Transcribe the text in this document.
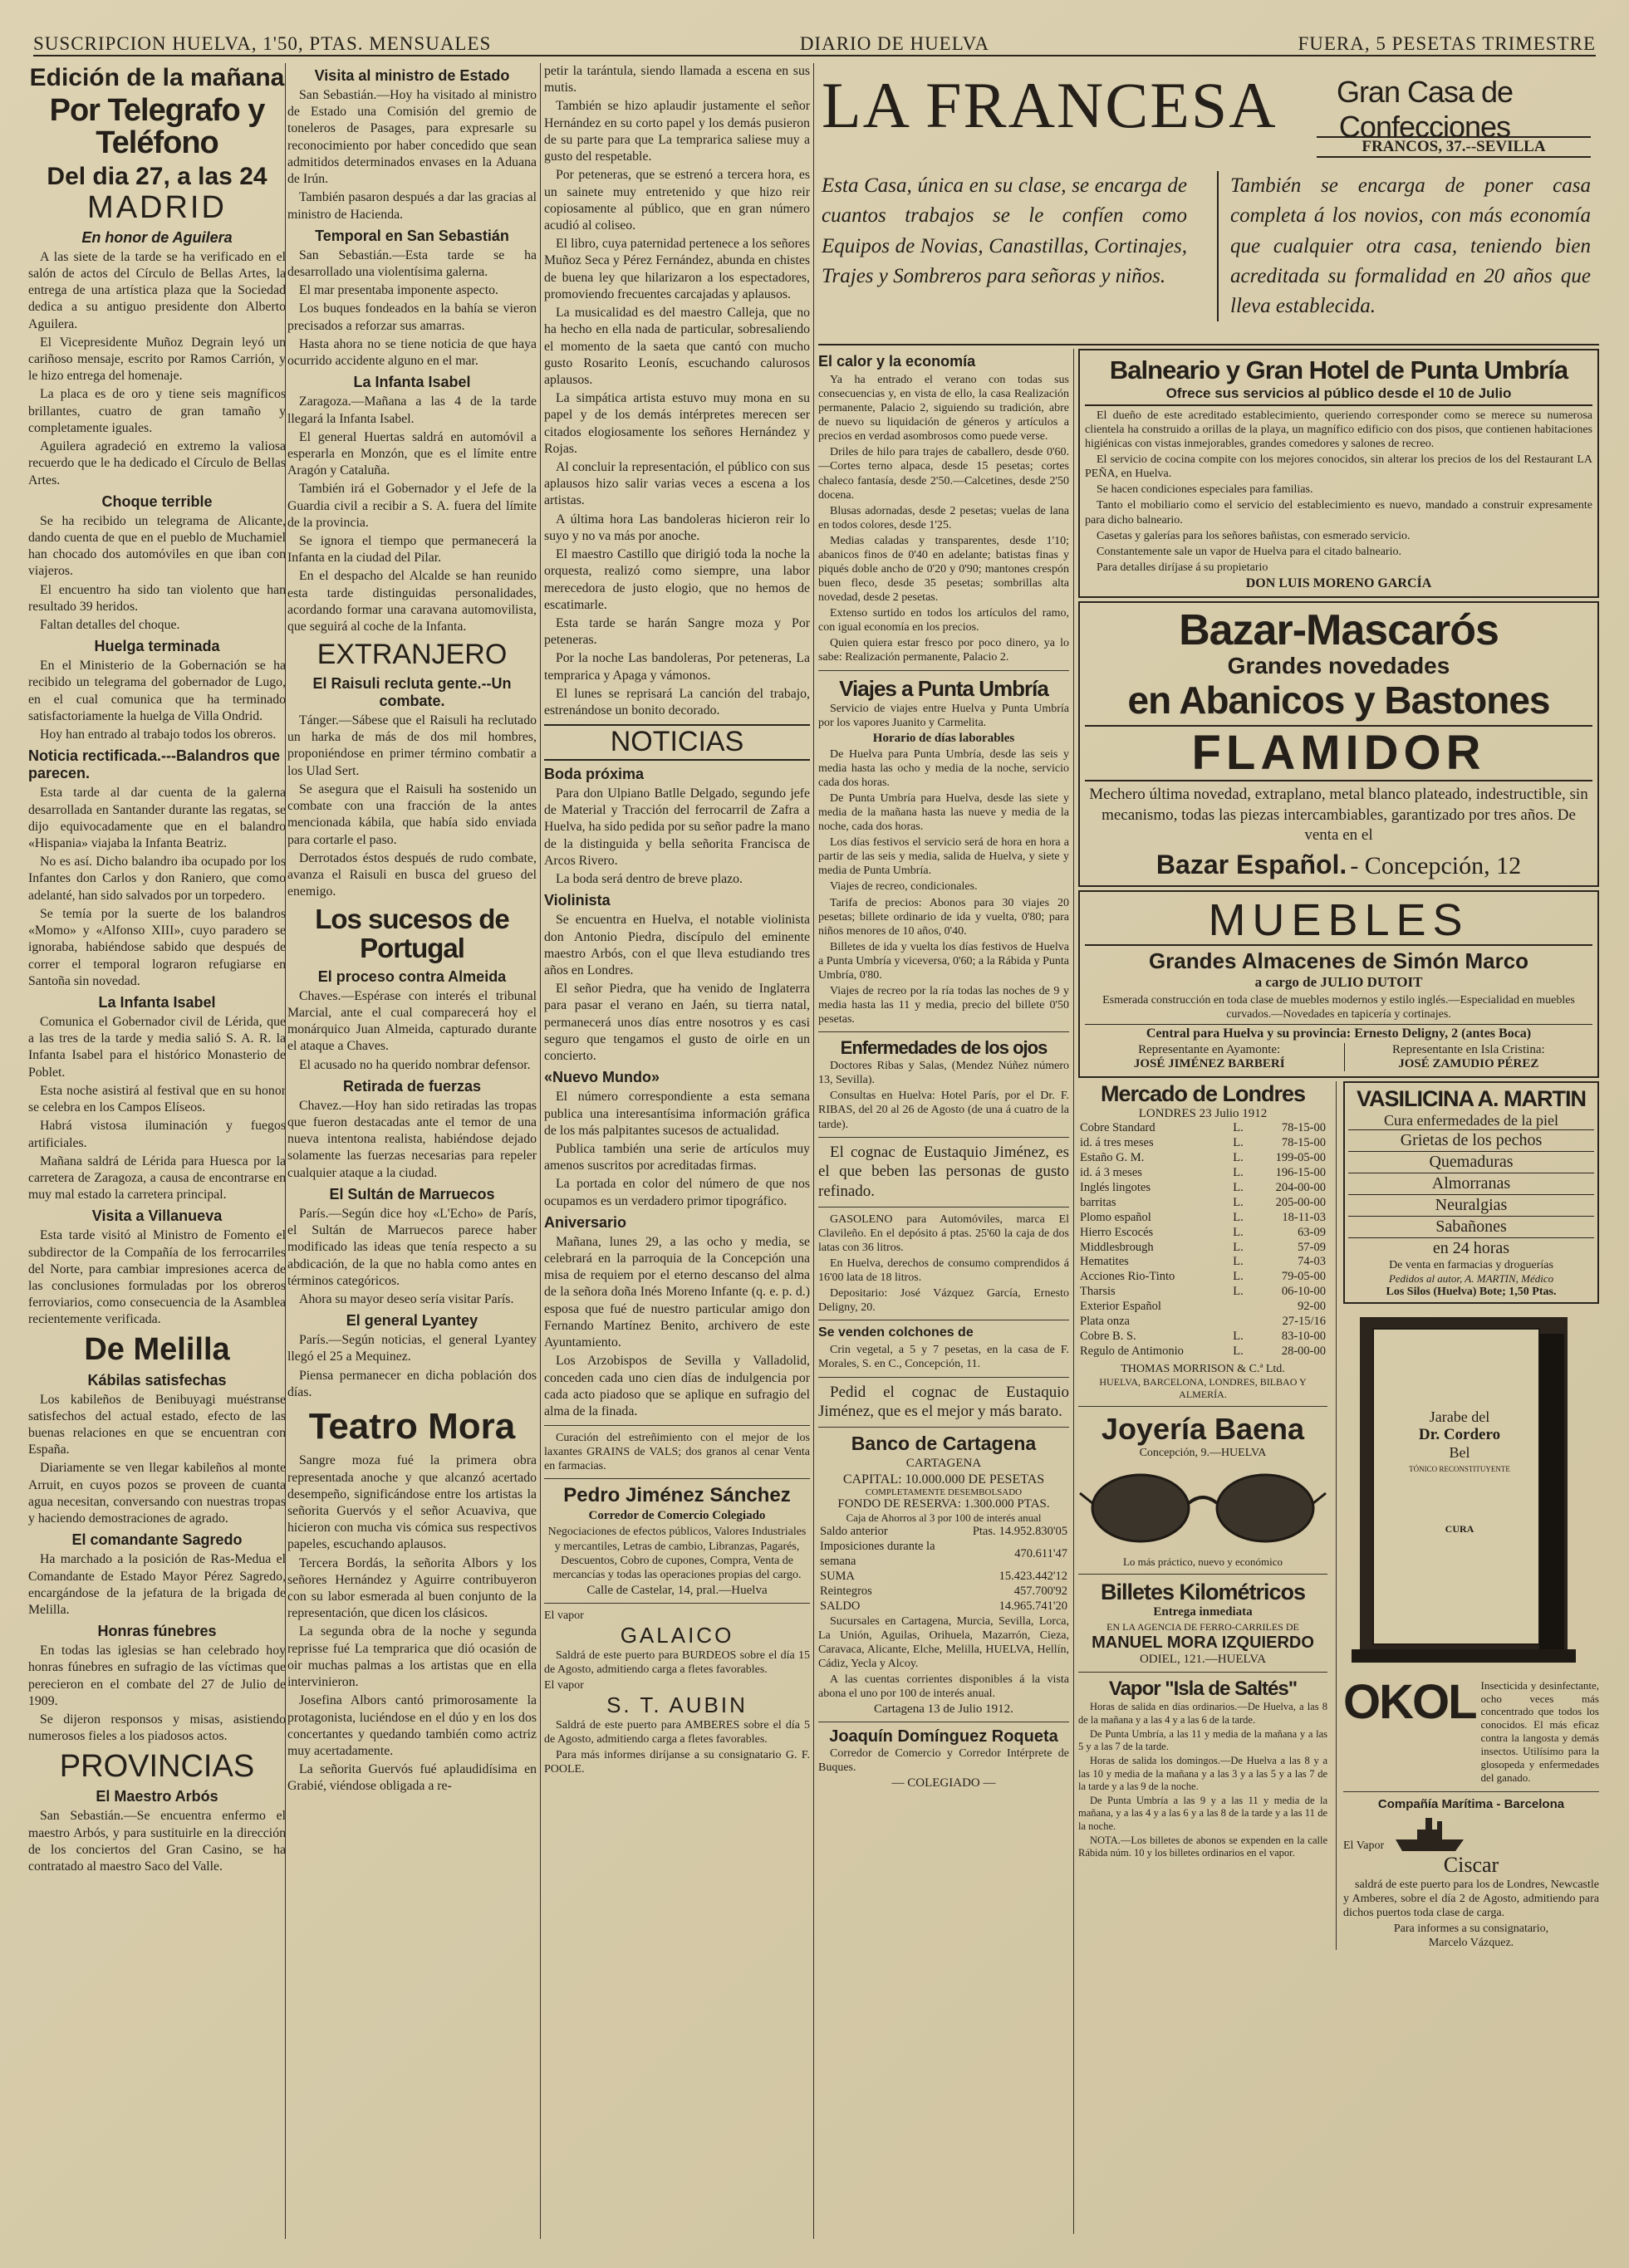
SUSCRIPCION HUELVA, 1'50, PTAS. MENSUALES	DIARIO DE HUELVA	FUERA, 5 PESETAS TRIMESTRE
Edición de la mañana
Por Telegrafo y Teléfono
Del dia 27, a las 24
MADRID
En honor de Aguilera

A las siete de la tarde se ha verificado en el salón de actos del Círculo de Bellas Artes, la entrega de una artística plaza que la Sociedad dedica a su antiguo presidente don Alberto Aguilera.

El Vicepresidente Muñoz Degrain leyó un cariñoso mensaje, escrito por Ramos Carrión, y le hizo entrega del homenaje.

La placa es de oro y tiene seis magníficos brillantes, cuatro de gran tamaño y completamente iguales.

Aguilera agradeció en extremo la valiosa recuerdo que le ha dedicado el Círculo de Bellas Artes.

Choque terrible

Se ha recibido un telegrama de Alicante, dando cuenta de que en el pueblo de Muchamiel han chocado dos automóviles en que iban con viajeros.

El encuentro ha sido tan violento que han resultado 39 heridos.

Faltan detalles del choque.

Huelga terminada

En el Ministerio de la Gobernación se ha recibido un telegrama del gobernador de Lugo, en el cual comunica que ha terminado satisfactoriamente la huelga de Villa Ondrid.

Hoy han entrado al trabajo todos los obreros.

Noticia rectificada.---Balandros que parecen.

Esta tarde al dar cuenta de la galerna desarrollada en Santander durante las regatas, se dijo equivocadamente que en el balandro «Hispania» viajaba la Infanta Beatriz.

No es así. Dicho balandro iba ocupado por los Infantes don Carlos y don Raniero, que como adelanté, han sido salvados por un torpedero.

Se temía por la suerte de los balandros «Momo» y «Alfonso XIII», cuyo paradero se ignoraba, habiéndose sabido que después de correr el temporal lograron refugiarse en Santoña sin novedad.

La Infanta Isabel

Comunica el Gobernador civil de Lérida, que a las tres de la tarde y media salió S. A. R. la Infanta Isabel para el histórico Monasterio de Poblet.

Esta noche asistirá al festival que en su honor se celebra en los Campos Elíseos.

Habrá vistosa iluminación y fuegos artificiales.

Mañana saldrá de Lérida para Huesca por la carretera de Zaragoza, a causa de encontrarse en muy mal estado la carretera principal.

Visita a Villanueva

Esta tarde visitó al Ministro de Fomento el subdirector de la Compañía de los ferrocarriles del Norte, para cambiar impresiones acerca de las conclusiones formuladas por los obreros ferroviarios, como consecuencia de la Asamblea recientemente verificada.

De Melilla
Kábilas satisfechas

Los kabileños de Benibuyagi muéstranse satisfechos del actual estado, efecto de las buenas relaciones en que se encuentran con España.

Diariamente se ven llegar kabileños al monte Arruit, en cuyos pozos se proveen de cuanta agua necesitan, conversando con nuestras tropas y haciendo demostraciones de agrado.

El comandante Sagredo

Ha marchado a la posición de Ras-Medua el Comandante de Estado Mayor Pérez Sagredo, encargándose de la jefatura de la brigada de Melilla.

Honras fúnebres

En todas las iglesias se han celebrado hoy honras fúnebres en sufragio de las víctimas que perecieron en el combate del 27 de Julio de 1909.

Se dijeron responsos y misas, asistiendo numerosos fieles a los piadosos actos.

PROVINCIAS
El Maestro Arbós

San Sebastián.—Se encuentra enfermo el maestro Arbós, y para sustituirle en la dirección de los conciertos del Gran Casino, se ha contratado al maestro Saco del Valle.

Visita al ministro de Estado

San Sebastián.—Hoy ha visitado al ministro de Estado una Comisión del gremio de toneleros de Pasages, para expresarle su reconocimiento por haber concedido que sean admitidos determinados envases en la Aduana de Irún.

También pasaron después a dar las gracias al ministro de Hacienda.

Temporal en San Sebastián

San Sebastián.—Esta tarde se ha desarrollado una violentísima galerna.

El mar presentaba imponente aspecto.

Los buques fondeados en la bahía se vieron precisados a reforzar sus amarras.

Hasta ahora no se tiene noticia de que haya ocurrido accidente alguno en el mar.

La Infanta Isabel

Zaragoza.—Mañana a las 4 de la tarde llegará la Infanta Isabel.

El general Huertas saldrá en automóvil a esperarla en Monzón, que es el límite entre Aragón y Cataluña.

También irá el Gobernador y el Jefe de la Guardia civil a recibir a S. A. fuera del límite de la provincia.

Se ignora el tiempo que permanecerá la Infanta en la ciudad del Pilar.

En el despacho del Alcalde se han reunido esta tarde distinguidas personalidades, acordando formar una caravana automovilista, que seguirá al coche de la Infanta.

EXTRANJERO
El Raisuli recluta gente.--Un combate.

Tánger.—Sábese que el Raisuli ha reclutado un harka de más de dos mil hombres, proponiéndose en primer término combatir a los Ulad Sert.

Se asegura que el Raisuli ha sostenido un combate con una fracción de la antes mencionada kábila, que había sido enviada para cortarle el paso.

Derrotados éstos después de rudo combate, avanza el Raisuli en busca del grueso del enemigo.

Los sucesos de Portugal
El proceso contra Almeida

Chaves.—Espérase con interés el tribunal Marcial, ante el cual comparecerá hoy el monárquico Juan Almeida, capturado durante el ataque a Chaves.

El acusado no ha querido nombrar defensor.

Retirada de fuerzas

Chavez.—Hoy han sido retiradas las tropas que fueron destacadas ante el temor de una nueva intentona realista, habiéndose dejado solamente las fuerzas necesarias para repeler cualquier ataque a la ciudad.

El Sultán de Marruecos

París.—Según dice hoy «L'Echo» de París, el Sultán de Marruecos parece haber modificado las ideas que tenía respecto a su abdicación, de la que no habla como antes en términos categóricos.

Ahora su mayor deseo sería visitar París.

El general Lyantey

París.—Según noticias, el general Lyantey llegó el 25 a Mequinez.

Piensa permanecer en dicha población dos días.

Teatro Mora

Sangre moza fué la primera obra representada anoche y que alcanzó acertado desempeño, significándose entre los artistas la señorita Guervós y el señor Acuaviva, que hicieron con mucha vis cómica sus respectivos papeles, escuchando aplausos.

Tercera Bordás, la señorita Albors y los señores Hernández y Aguirre contribuyeron con su labor esmerada al buen conjunto de la representación, que dicen los clásicos.

La segunda obra de la noche y segunda reprisse fué La temprarica que dió ocasión de oir muchas palmas a los artistas que en ella intervinieron.

Josefina Albors cantó primorosamente la protagonista, luciéndose en el dúo y en los dos concertantes y quedando también como actriz muy acertadamente.

La señorita Guervós fué aplaudidísima en Grabié, viéndose obligada a re-

petir la tarántula, siendo llamada a escena en sus mutis.

También se hizo aplaudir justamente el señor Hernández en su corto papel y los demás pusieron de su parte para que La temprarica saliese muy a gusto del respetable.

Por peteneras, que se estrenó a tercera hora, es un sainete muy entretenido y que hizo reir copiosamente al público, que en gran número acudió al coliseo.

El libro, cuya paternidad pertenece a los señores Muñoz Seca y Pérez Fernández, abunda en chistes de buena ley que hilarizaron a los espectadores, promoviendo frecuentes carcajadas y aplausos.

La musicalidad es del maestro Calleja, que no ha hecho en ella nada de particular, sobresaliendo el momento de la saeta que cantó con mucho gusto Rosarito Leonís, escuchando calurosos aplausos.

La simpática artista estuvo muy mona en su papel y de los demás intérpretes merecen ser citados elogiosamente los señores Hernández y Rojas.

Al concluir la representación, el público con sus aplausos hizo salir varias veces a escena a los artistas.

A última hora Las bandoleras hicieron reir lo suyo y no va más por anoche.

El maestro Castillo que dirigió toda la noche la orquesta, realizó como siempre, una labor merecedora de justo elogio, que no hemos de escatimarle.

Esta tarde se harán Sangre moza y Por peteneras.

Por la noche Las bandoleras, Por peteneras, La temprarica y Apaga y vámonos.

El lunes se reprisará La canción del trabajo, estrenándose un bonito decorado.

NOTICIAS
Boda próxima

Para don Ulpiano Batlle Delgado, segundo jefe de Material y Tracción del ferrocarril de Zafra a Huelva, ha sido pedida por su señor padre la mano de la distinguida y bella señorita Francisca de Arcos Rivero.

La boda será dentro de breve plazo.

Violinista

Se encuentra en Huelva, el notable violinista don Antonio Piedra, discípulo del eminente maestro Arbós, con el que lleva estudiando tres años en Londres.

El señor Piedra, que ha venido de Inglaterra para pasar el verano en Jaén, su tierra natal, permanecerá unos días entre nosotros y es casi seguro que tengamos el gusto de oirle en un concierto.

«Nuevo Mundo»

El número correspondiente a esta semana publica una interesantísima información gráfica de los más palpitantes sucesos de actualidad.

Publica también una serie de artículos muy amenos suscritos por acreditadas firmas.

La portada en color del número de que nos ocupamos es un verdadero primor tipográfico.

Aniversario

Mañana, lunes 29, a las ocho y media, se celebrará en la parroquia de la Concepción una misa de requiem por el eterno descanso del alma de la señora doña Inés Moreno Infante (q. e. p. d.) esposa que fué de nuestro particular amigo don Fernando Martínez Benito, archivero de este Ayuntamiento.

Los Arzobispos de Sevilla y Valladolid, conceden cada uno cien días de indulgencia por cada acto piadoso que se aplique en sufragio del alma de la finada.

Curación del estreñimiento con el mejor de los laxantes GRAINS de VALS; dos granos al cenar Venta en farmacias.

Pedro Jiménez Sánchez
Corredor de Comercio Colegiado

Negociaciones de efectos públicos, Valores Industriales y mercantiles, Letras de cambio, Libranzas, Pagarés, Descuentos, Cobro de cupones, Compra, Venta de mercancías y todas las operaciones propias del cargo.

Calle de Castelar, 14, pral.—Huelva
El vapor
GALAICO

Saldrá de este puerto para BURDEOS sobre el día 15 de Agosto, admitiendo carga a fletes favorables.

El vapor
S. T. AUBIN

Saldrá de este puerto para AMBERES sobre el día 5 de Agosto, admitiendo carga a fletes favorables.

Para más informes diríjanse a su consignatario G. F. POOLE.

LA FRANCESA	Gran Casa de Confecciones
FRANCOS, 37.--SEVILLA
Esta Casa, única en su clase, se encarga de cuantos trabajos se le confíen como Equipos de Novias, Canastillas, Cortinajes, Trajes y Sombreros para señoras y niños.
También se encarga de poner casa completa á los novios, con más economía que cualquier otra casa, teniendo bien acreditada su formalidad en 20 años que lleva establecida.
El calor y la economía

Ya ha entrado el verano con todas sus consecuencias y, en vista de ello, la casa Realización permanente, Palacio 2, siguiendo su tradición, abre de nuevo su liquidación de géneros y artículos a precios en verdad asombrosos como puede verse.

Driles de hilo para trajes de caballero, desde 0'60.—Cortes terno alpaca, desde 15 pesetas; cortes chaleco fantasía, desde 2'50.—Calcetines, desde 2'50 docena.

Blusas adornadas, desde 2 pesetas; vuelas de lana en todos colores, desde 1'25.

Medias caladas y transparentes, desde 1'10; abanicos finos de 0'40 en adelante; batistas finas y piqués doble ancho de 0'20 y 0'90; mantones crespón buen fleco, desde 35 pesetas; sombrillas alta novedad, desde 2 pesetas.

Extenso surtido en todos los artículos del ramo, con igual economía en los precios.

Quien quiera estar fresco por poco dinero, ya lo sabe: Realización permanente, Palacio 2.

Viajes a Punta Umbría

Servicio de viajes entre Huelva y Punta Umbría por los vapores Juanito y Carmelita.

Horario de días laborables

De Huelva para Punta Umbría, desde las seis y media hasta las ocho y media de la noche, servicio cada dos horas.

De Punta Umbría para Huelva, desde las siete y media de la mañana hasta las nueve y media de la noche, cada dos horas.

Los días festivos el servicio será de hora en hora a partir de las seis y media, salida de Huelva, y siete y media de Punta Umbría.

Viajes de recreo, condicionales.

Tarifa de precios: Abonos para 30 viajes 20 pesetas; billete ordinario de ida y vuelta, 0'80; para niños menores de 10 años, 0'40.

Billetes de ida y vuelta los días festivos de Huelva a Punta Umbría y viceversa, 0'60; a la Rábida y Punta Umbría, 0'80.

Viajes de recreo por la ría todas las noches de 9 y media hasta las 11 y media, precio del billete 0'50 pesetas.

Enfermedades de los ojos

Doctores Ribas y Salas, (Mendez Núñez número 13, Sevilla).

Consultas en Huelva: Hotel París, por el Dr. F. RIBAS, del 20 al 26 de Agosto (de una á cuatro de la tarde).

El cognac de Eustaquio Jiménez, es el que beben las personas de gusto refinado.

GASOLENO para Automóviles, marca El Clavileño. En el depósito á ptas. 25'60 la caja de dos latas con 36 litros.

En Huelva, derechos de consumo comprendidos á 16'00 lata de 18 litros.

Depositario: José Vázquez García, Ernesto Deligny, 20.

Se venden colchones de

Crin vegetal, a 5 y 7 pesetas, en la casa de F. Morales, S. en C., Concepción, 11.

Pedid el cognac de Eustaquio Jiménez, que es el mejor y más barato.

Banco de Cartagena
CARTAGENA
CAPITAL: 10.000.000 DE PESETAS
COMPLETAMENTE DESEMBOLSADO
FONDO DE RESERVA: 1.300.000 PTAS.
Caja de Ahorros al 3 por 100 de interés anual
Saldo anterior	Ptas.	14.952.830'05
Imposiciones durante la semana		470.611'47
SUMA		15.423.442'12
Reintegros		457.700'92
SALDO		14.965.741'20

Sucursales en Cartagena, Murcia, Sevilla, Lorca, La Unión, Aguilas, Orihuela, Mazarrón, Cieza, Caravaca, Alicante, Elche, Melilla, HUELVA, Hellín, Cádiz, Yecla y Alcoy.

A las cuentas corrientes disponibles á la vista abona el uno por 100 de interés anual.

Cartagena 13 de Julio 1912.
Joaquín Domínguez Roqueta

Corredor de Comercio y Corredor Intérprete de Buques.

— COLEGIADO —
Balneario y Gran Hotel de Punta Umbría
Ofrece sus servicios al público desde el 10 de Julio

El dueño de este acreditado establecimiento, queriendo corresponder como se merece su numerosa clientela ha construido a orillas de la playa, un magnífico edificio con dos pisos, que contienen habitaciones higiénicas con vistas inmejorables, grandes comedores y salones de recreo.

El servicio de cocina compite con los mejores conocidos, sin alterar los precios de los del Restaurant LA PEÑA, en Huelva.

Se hacen condiciones especiales para familias.

Tanto el mobiliario como el servicio del establecimiento es nuevo, mandado a construir expresamente para dicho balneario.

Casetas y galerías para los señores bañistas, con esmerado servicio.

Constantemente sale un vapor de Huelva para el citado balneario.

Para detalles diríjase á su propietario

DON LUIS MORENO GARCÍA
Bazar-Mascarós
Grandes novedades
en Abanicos y Bastones
FLAMIDOR
Mechero última novedad, extraplano, metal blanco plateado, indestructible, sin mecanismo, todas las piezas intercambiables, garantizado por tres años. De venta en el
Bazar Español. - Concepción, 12
MUEBLES
Grandes Almacenes de Simón Marco
a cargo de JULIO DUTOIT
Esmerada construcción en toda clase de muebles modernos y estilo inglés.—Especialidad en muebles curvados.—Novedades en tapicería y cortinajes.
Central para Huelva y su provincia: Ernesto Deligny, 2 (antes Boca)
Representante en Ayamonte:
JOSÉ JIMÉNEZ BARBERÍ
Representante en Isla Cristina:
JOSÉ ZAMUDIO PÉREZ
Mercado de Londres
LONDRES 23 Julio 1912
Cobre Standard	L.	78-15-00
id. á tres meses	L.	78-15-00
Estaño G. M.	L.	199-05-00
id. á 3 meses	L.	196-15-00
Inglés lingotes	L.	204-00-00
barritas	L.	205-00-00
Plomo español	L.	18-11-03
Hierro Escocés	L.	63-09
Middlesbrough	L.	57-09
Hematites	L.	74-03
Acciones Rio-Tinto	L.	79-05-00
Tharsis	L.	06-10-00
Exterior Español		92-00
Plata onza		27-15/16
Cobre B. S.	L.	83-10-00
Regulo de Antimonio	L.	28-00-00
THOMAS MORRISON & C.ª Ltd.
HUELVA, BARCELONA, LONDRES, BILBAO Y ALMERÍA.
Joyería Baena
Concepción, 9.—HUELVA
Lo más práctico, nuevo y económico
Billetes Kilométricos
Entrega inmediata
EN LA AGENCIA DE FERRO-CARRILES DE
MANUEL MORA IZQUIERDO
ODIEL, 121.—HUELVA
Vapor "Isla de Saltés"

Horas de salida en días ordinarios.—De Huelva, a las 8 de la mañana y a las 4 y a las 6 de la tarde.

De Punta Umbría, a las 11 y media de la mañana y a las 5 y a las 7 de la tarde.

Horas de salida los domingos.—De Huelva a las 8 y a las 10 y media de la mañana y a las 3 y a las 5 y a las 7 de la tarde y a las 9 de la noche.

De Punta Umbría a las 9 y a las 11 y media de la mañana, y a las 4 y a las 6 y a las 8 de la tarde y a las 11 de la noche.

NOTA.—Los billetes de abonos se expenden en la calle Rábida núm. 10 y los billetes ordinarios en el vapor.

VASILICINA A. MARTIN
Cura enfermedades de la piel
Grietas de los pechos
Quemaduras
Almorranas
Neuralgias
Sabañones
en 24 horas
De venta en farmacias y droguerías
Pedidos al autor, A. MARTIN, Médico
Los Silos (Huelva) Bote; 1,50 Ptas.
Jarabe del
Dr. Cordero
Bel
TÓNICO RECONSTITUYENTE
CURA
OKOL Insecticida y desinfectante, ocho veces más concentrado que todos los conocidos. El más eficaz contra la langosta y demás insectos. Utilísimo para la glosopeda y enfermedades del ganado.

Compañía Marítima - Barcelona
El Vapor
Ciscar

saldrá de este puerto para los de Londres, Newcastle y Amberes, sobre el día 2 de Agosto, admitiendo para dichos puertos toda clase de carga.

Para informes a su consignatario,
Marcelo Vázquez.
